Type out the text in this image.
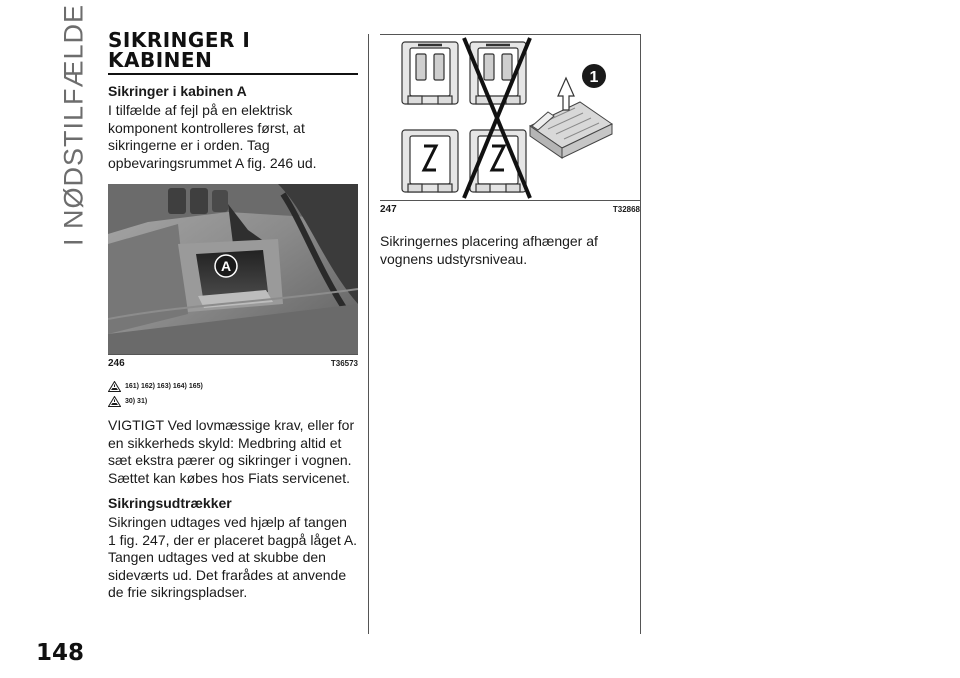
I NØDSTILFÆLDE
148
SIKRINGER I
KABINEN
Sikringer i kabinen A

I tilfælde af fejl på en elektrisk komponent kontrolleres først, at sikringerne er i orden. Tag opbevaringsrummet A fig. 246 ud.

A
246	T36573
161) 162) 163) 164) 165)
30) 31)

VIGTIGT Ved lovmæssige krav, eller for en sikkerheds skyld: Medbring altid et sæt ekstra pærer og sikringer i vognen. Sættet kan købes hos Fiats servicenet.

Sikringsudtrækker

Sikringen udtages ved hjælp af tangen 1 fig. 247, der er placeret bagpå låget A. Tangen udtages ved at skubbe den sideværts ud. Det frarådes at anvende de frie sikringspladser.

1
247	T32868

Sikringernes placering afhænger af vognens udstyrsniveau.
